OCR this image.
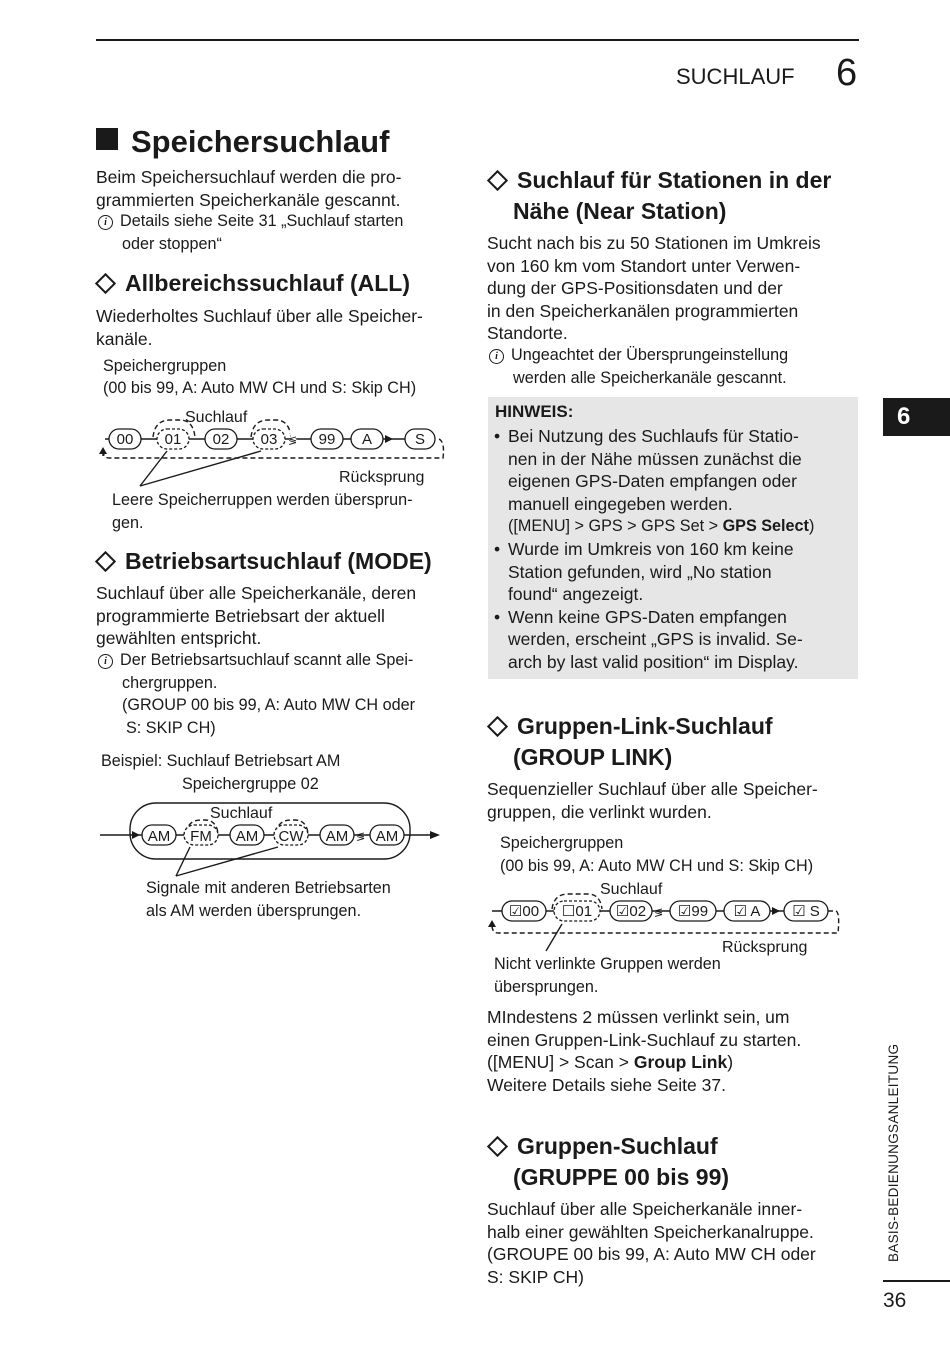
SUCHLAUF 6
Speichersuchlauf
Beim Speichersuchlauf werden die pro-
grammierten Speicherkanäle gescannt.
i Details siehe Seite 31 „Suchlauf starten
oder stoppen“
Allbereichssuchlauf (ALL)
Wiederholtes Suchlauf über alle Speicher-
kanäle.
Speichergruppen
(00 bis 99, A: Auto MW CH und S: Skip CH)
≶
Suchlauf
00 01 02 03	99 A	S
Rücksprung
Leere Speicherruppen werden übersprun-
gen.
Betriebsartsuchlauf (MODE)
Suchlauf über alle Speicherkanäle, deren
programmierte Betriebsart der aktuell
gewählten entspricht.
i Der Betriebsartsuchlauf scannt alle Spei-
chergruppen.
(GROUP 00 bis 99, A: Auto MW CH oder
S: SKIP CH)
Beispiel: Suchlauf Betriebsart AM
Speichergruppe 02
≶
Suchlauf
AM FM AM CW AM AM
Signale mit anderen Betriebsarten
als AM werden übersprungen.
Suchlauf für Stationen in der
Nähe (Near Station)
Sucht nach bis zu 50 Stationen im Umkreis
von 160 km vom Standort unter Verwen-
dung der GPS-Positionsdaten und der
in den Speicherkanälen programmierten
Standorte.
i Ungeachtet der Übersprungeinstellung
werden alle Speicherkanäle gescannt.
HINWEIS:
• Bei Nutzung des Suchlaufs für Statio-
nen in der Nähe müssen zunächst die
eigenen GPS-Daten empfangen oder
manuell eingegeben werden.
([MENU] > GPS > GPS Set > GPS Select)
• Wurde im Umkreis von 160 km keine
Station gefunden, wird „No station
found“ angezeigt.
• Wenn keine GPS-Daten empfangen
werden, erscheint „GPS is invalid. Se-
arch by last valid position“ im Display.
Gruppen-Link-Suchlauf
(GROUP LINK)
Sequenzieller Suchlauf über alle Speicher-
gruppen, die verlinkt wurden.
Speichergruppen
(00 bis 99, A: Auto MW CH und S: Skip CH)
≶
Suchlauf
☑00 ☐01 ☑02 ☑99 ☑ A ☑ S
Rücksprung
Nicht verlinkte Gruppen werden
übersprungen.
MIndestens 2 müssen verlinkt sein, um
einen Gruppen-Link-Suchlauf zu starten.
([MENU] > Scan > Group Link)
Weitere Details siehe Seite 37.
Gruppen-Suchlauf
(GRUPPE 00 bis 99)
Suchlauf über alle Speicherkanäle inner-
halb einer gewählten Speicherkanalruppe.
(GROUPE 00 bis 99, A: Auto MW CH oder
S: SKIP CH)
6
BASIS-BEDIENUNGSANLEITUNG
36
